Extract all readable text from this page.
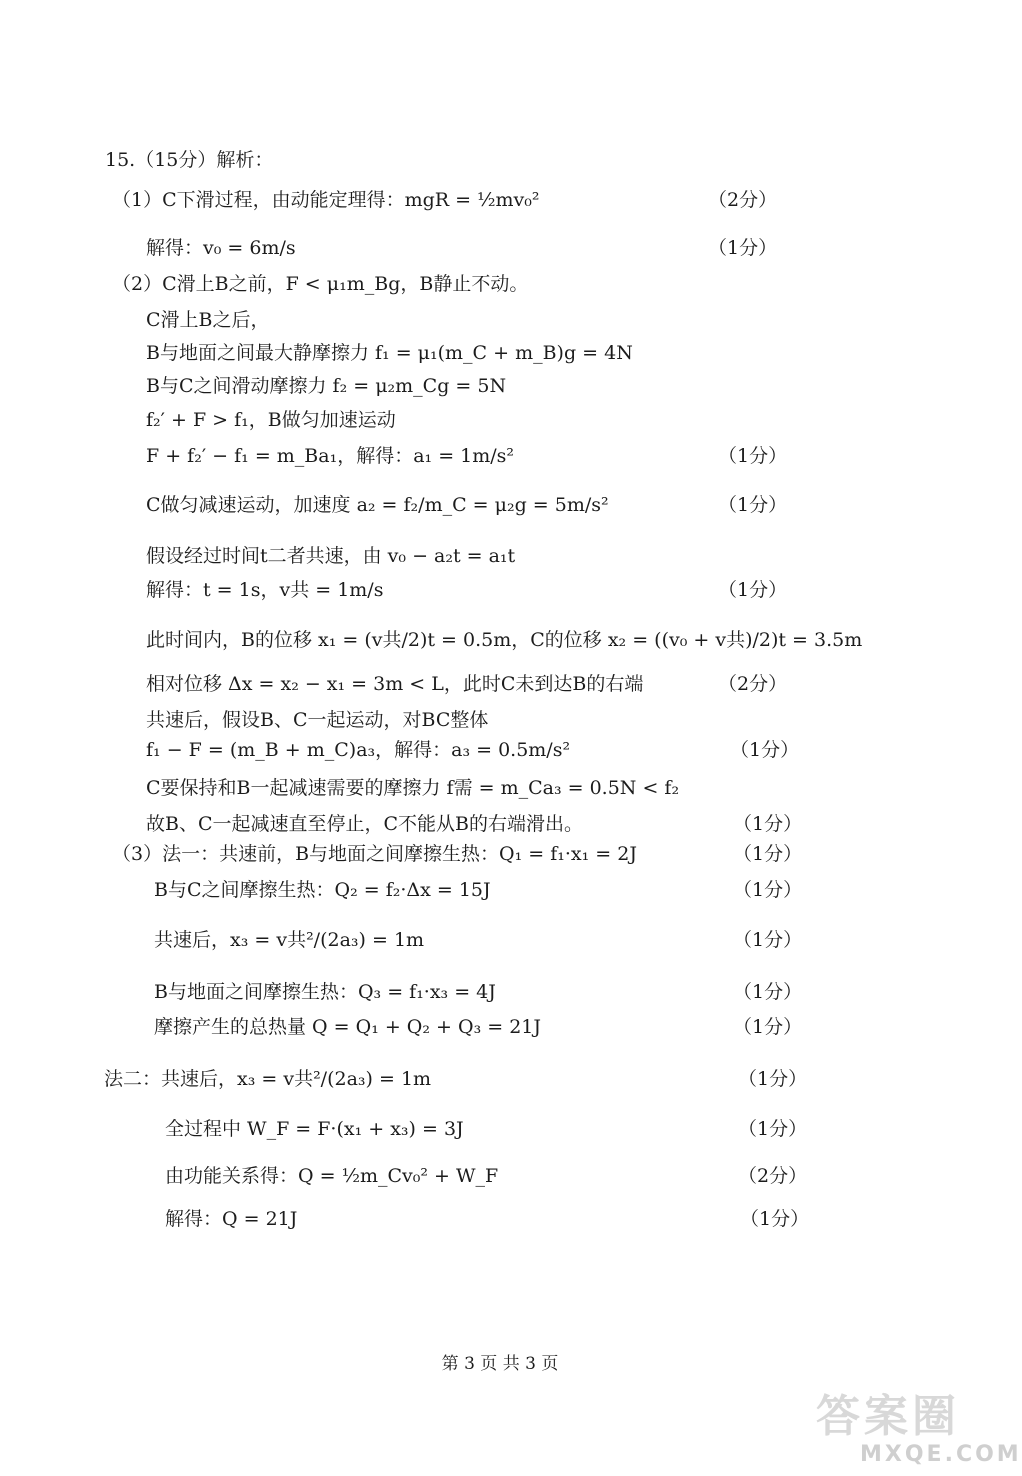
15.（15分）解析：
（1）C下滑过程，由动能定理得：mgR = ½mv₀²	（2分）
解得：v₀ = 6m/s	（1分）
（2）C滑上B之前，F < μ₁m_Bg，B静止不动。
C滑上B之后，
B与地面之间最大静摩擦力 f₁ = μ₁(m_C + m_B)g = 4N
B与C之间滑动摩擦力 f₂ = μ₂m_Cg = 5N
f₂′ + F > f₁，B做匀加速运动
F + f₂′ − f₁ = m_Ba₁，解得：a₁ = 1m/s²	（1分）
C做匀减速运动，加速度 a₂ = f₂/m_C = μ₂g = 5m/s²	（1分）
假设经过时间t二者共速，由 v₀ − a₂t = a₁t
解得：t = 1s，v共 = 1m/s	（1分）
此时间内，B的位移 x₁ = (v共/2)t = 0.5m，C的位移 x₂ = ((v₀ + v共)/2)t = 3.5m
相对位移 Δx = x₂ − x₁ = 3m < L，此时C未到达B的右端	（2分）
共速后，假设B、C一起运动，对BC整体
f₁ − F = (m_B + m_C)a₃，解得：a₃ = 0.5m/s²	（1分）
C要保持和B一起减速需要的摩擦力 f需 = m_Ca₃ = 0.5N < f₂
故B、C一起减速直至停止，C不能从B的右端滑出。	（1分）
（3）法一：共速前，B与地面之间摩擦生热：Q₁ = f₁·x₁ = 2J	（1分）
B与C之间摩擦生热：Q₂ = f₂·Δx = 15J	（1分）
共速后，x₃ = v共²/(2a₃) = 1m	（1分）
B与地面之间摩擦生热：Q₃ = f₁·x₃ = 4J	（1分）
摩擦产生的总热量 Q = Q₁ + Q₂ + Q₃ = 21J	（1分）
法二：共速后，x₃ = v共²/(2a₃) = 1m	（1分）
全过程中 W_F = F·(x₁ + x₃) = 3J	（1分）
由功能关系得：Q = ½m_Cv₀² + W_F	（2分）
解得：Q = 21J	（1分）
第 3 页 共 3 页
答案圈
MXQE.COM
